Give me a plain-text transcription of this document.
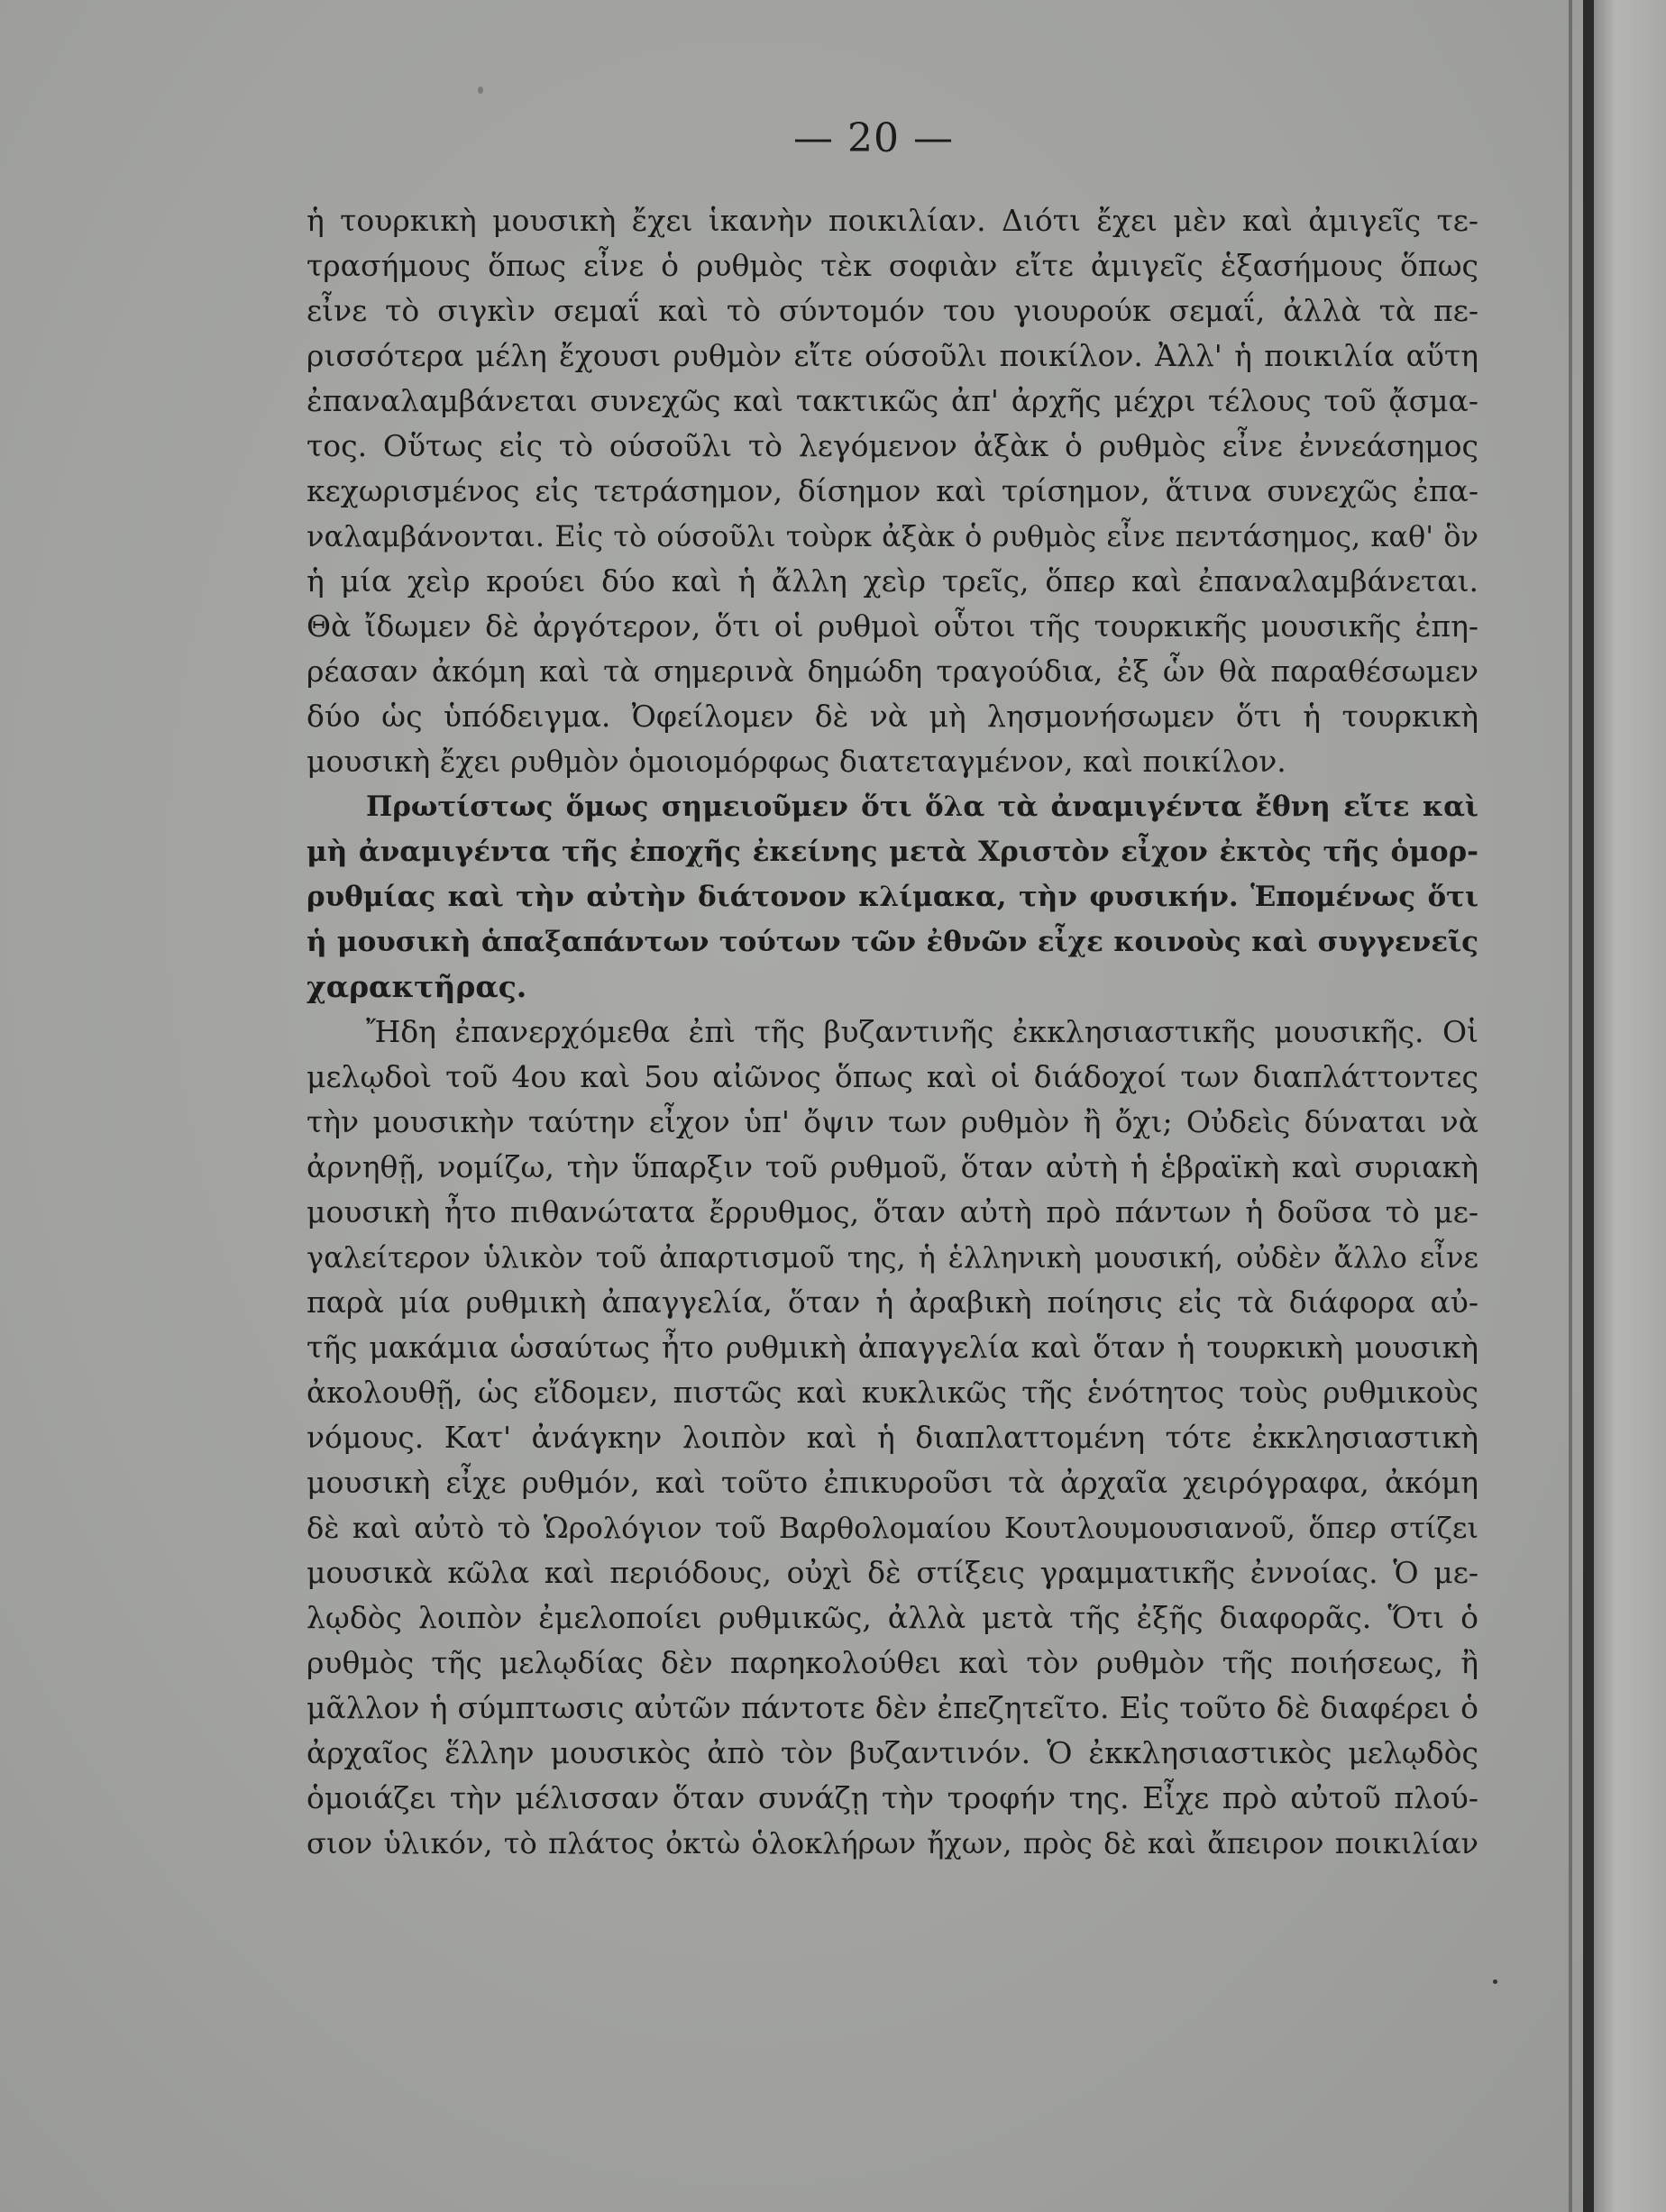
— 20 —
ἡ τουρκικὴ μουσικὴ ἔχει ἱκανὴν ποικιλίαν. Διότι ἔχει μὲν καὶ ἀμιγεῖς τε-
τρασήμους ὅπως εἶνε ὁ ρυθμὸς τὲκ σοφιὰν εἴτε ἀμιγεῖς ἑξασήμους ὅπως
εἶνε τὸ σιγκὶν σεμαΐ καὶ τὸ σύντομόν του γιουρούκ σεμαΐ, ἀλλὰ τὰ πε-
ρισσότερα μέλη ἔχουσι ρυθμὸν εἴτε ούσοῦλι ποικίλον. Ἀλλ' ἡ ποικιλία αὕτη
ἐπαναλαμβάνεται συνεχῶς καὶ τακτικῶς ἀπ' ἀρχῆς μέχρι τέλους τοῦ ᾄσμα-
τος. Οὕτως εἰς τὸ ούσοῦλι τὸ λεγόμενον ἀξὰκ ὁ ρυθμὸς εἶνε ἐννεάσημος
κεχωρισμένος εἰς τετράσημον, δίσημον καὶ τρίσημον, ἅτινα συνεχῶς ἐπα-
ναλαμβάνονται. Εἰς τὸ ούσοῦλι τοὺρκ ἀξὰκ ὁ ρυθμὸς εἶνε πεντάσημος, καθ' ὃν
ἡ μία χεὶρ κρούει δύο καὶ ἡ ἄλλη χεὶρ τρεῖς, ὅπερ καὶ ἐπαναλαμβάνεται.
Θὰ ἴδωμεν δὲ ἀργότερον, ὅτι οἱ ρυθμοὶ οὗτοι τῆς τουρκικῆς μουσικῆς ἐπη-
ρέασαν ἀκόμη καὶ τὰ σημερινὰ δημώδη τραγούδια, ἐξ ὧν θὰ παραθέσωμεν
δύο ὡς ὑπόδειγμα. Ὀφείλομεν δὲ νὰ μὴ λησμονήσωμεν ὅτι ἡ τουρκικὴ
μουσικὴ ἔχει ρυθμὸν ὁμοιομόρφως διατεταγμένον, καὶ ποικίλον.
Πρωτίστως ὅμως σημειοῦμεν ὅτι ὅλα τὰ ἀναμιγέντα ἔθνη εἴτε καὶ
μὴ ἀναμιγέντα τῆς ἐποχῆς ἐκείνης μετὰ Χριστὸν εἶχον ἐκτὸς τῆς ὁμορ-
ρυθμίας καὶ τὴν αὐτὴν διάτονον κλίμακα, τὴν φυσικήν. Ἑπομένως ὅτι
ἡ μουσικὴ ἁπαξαπάντων τούτων τῶν ἐθνῶν εἶχε κοινοὺς καὶ συγγενεῖς
χαρακτῆρας.
Ἤδη ἐπανερχόμεθα ἐπὶ τῆς βυζαντινῆς ἐκκλησιαστικῆς μουσικῆς. Οἱ
μελῳδοὶ τοῦ 4ου καὶ 5ου αἰῶνος ὅπως καὶ οἱ διάδοχοί των διαπλάττοντες
τὴν μουσικὴν ταύτην εἶχον ὑπ' ὄψιν των ρυθμὸν ἢ ὄχι; Οὐδεὶς δύναται νὰ
ἀρνηθῇ, νομίζω, τὴν ὕπαρξιν τοῦ ρυθμοῦ, ὅταν αὐτὴ ἡ ἑβραϊκὴ καὶ συριακὴ
μουσικὴ ἦτο πιθανώτατα ἔρρυθμος, ὅταν αὐτὴ πρὸ πάντων ἡ δοῦσα τὸ με-
γαλείτερον ὑλικὸν τοῦ ἀπαρτισμοῦ της, ἡ ἑλληνικὴ μουσική, οὐδὲν ἄλλο εἶνε
παρὰ μία ρυθμικὴ ἀπαγγελία, ὅταν ἡ ἀραβικὴ ποίησις εἰς τὰ διάφορα αὐ-
τῆς μακάμια ὡσαύτως ἦτο ρυθμικὴ ἀπαγγελία καὶ ὅταν ἡ τουρκικὴ μουσικὴ
ἀκολουθῇ, ὡς εἴδομεν, πιστῶς καὶ κυκλικῶς τῆς ἑνότητος τοὺς ρυθμικοὺς
νόμους. Κατ' ἀνάγκην λοιπὸν καὶ ἡ διαπλαττομένη τότε ἐκκλησιαστικὴ
μουσικὴ εἶχε ρυθμόν, καὶ τοῦτο ἐπικυροῦσι τὰ ἀρχαῖα χειρόγραφα, ἀκόμη
δὲ καὶ αὐτὸ τὸ Ὡρολόγιον τοῦ Βαρθολομαίου Κουτλουμουσιανοῦ, ὅπερ στίζει
μουσικὰ κῶλα καὶ περιόδους, οὐχὶ δὲ στίξεις γραμματικῆς ἐννοίας. Ὁ με-
λῳδὸς λοιπὸν ἐμελοποίει ρυθμικῶς, ἀλλὰ μετὰ τῆς ἐξῆς διαφορᾶς. Ὅτι ὁ
ρυθμὸς τῆς μελῳδίας δὲν παρηκολούθει καὶ τὸν ρυθμὸν τῆς ποιήσεως, ἢ
μᾶλλον ἡ σύμπτωσις αὐτῶν πάντοτε δὲν ἐπεζητεῖτο. Εἰς τοῦτο δὲ διαφέρει ὁ
ἀρχαῖος ἕλλην μουσικὸς ἀπὸ τὸν βυζαντινόν. Ὁ ἐκκλησιαστικὸς μελῳδὸς
ὁμοιάζει τὴν μέλισσαν ὅταν συνάζῃ τὴν τροφήν της. Εἶχε πρὸ αὐτοῦ πλού-
σιον ὑλικόν, τὸ πλάτος ὀκτὼ ὁλοκλήρων ἤχων, πρὸς δὲ καὶ ἄπειρον ποικιλίαν
